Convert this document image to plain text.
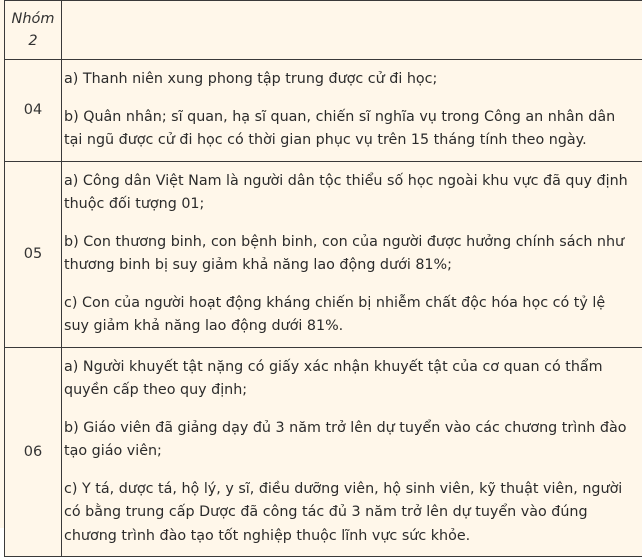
Nhóm
2	
04	a) Thanh niên xung phong tập trung được cử đi học;

b) Quân nhân; sĩ quan, hạ sĩ quan, chiến sĩ nghĩa vụ trong Công an nhân dân tại ngũ được cử đi học có thời gian phục vụ trên 15 tháng tính theo ngày.

05	a) Công dân Việt Nam là người dân tộc thiểu số học ngoài khu vực đã quy định thuộc đối tượng 01;

b) Con thương binh, con bệnh binh, con của người được hưởng chính sách như thương binh bị suy giảm khả năng lao động dưới 81%;

c) Con của người hoạt động kháng chiến bị nhiễm chất độc hóa học có tỷ lệ suy giảm khả năng lao động dưới 81%.

06	a) Người khuyết tật nặng có giấy xác nhận khuyết tật của cơ quan có thẩm quyền cấp theo quy định;

b) Giáo viên đã giảng dạy đủ 3 năm trở lên dự tuyển vào các chương trình đào tạo giáo viên;

c) Y tá, dược tá, hộ lý, y sĩ, điều dưỡng viên, hộ sinh viên, kỹ thuật viên, người có bằng trung cấp Dược đã công tác đủ 3 năm trở lên dự tuyển vào đúng chương trình đào tạo tốt nghiệp thuộc lĩnh vực sức khỏe.
